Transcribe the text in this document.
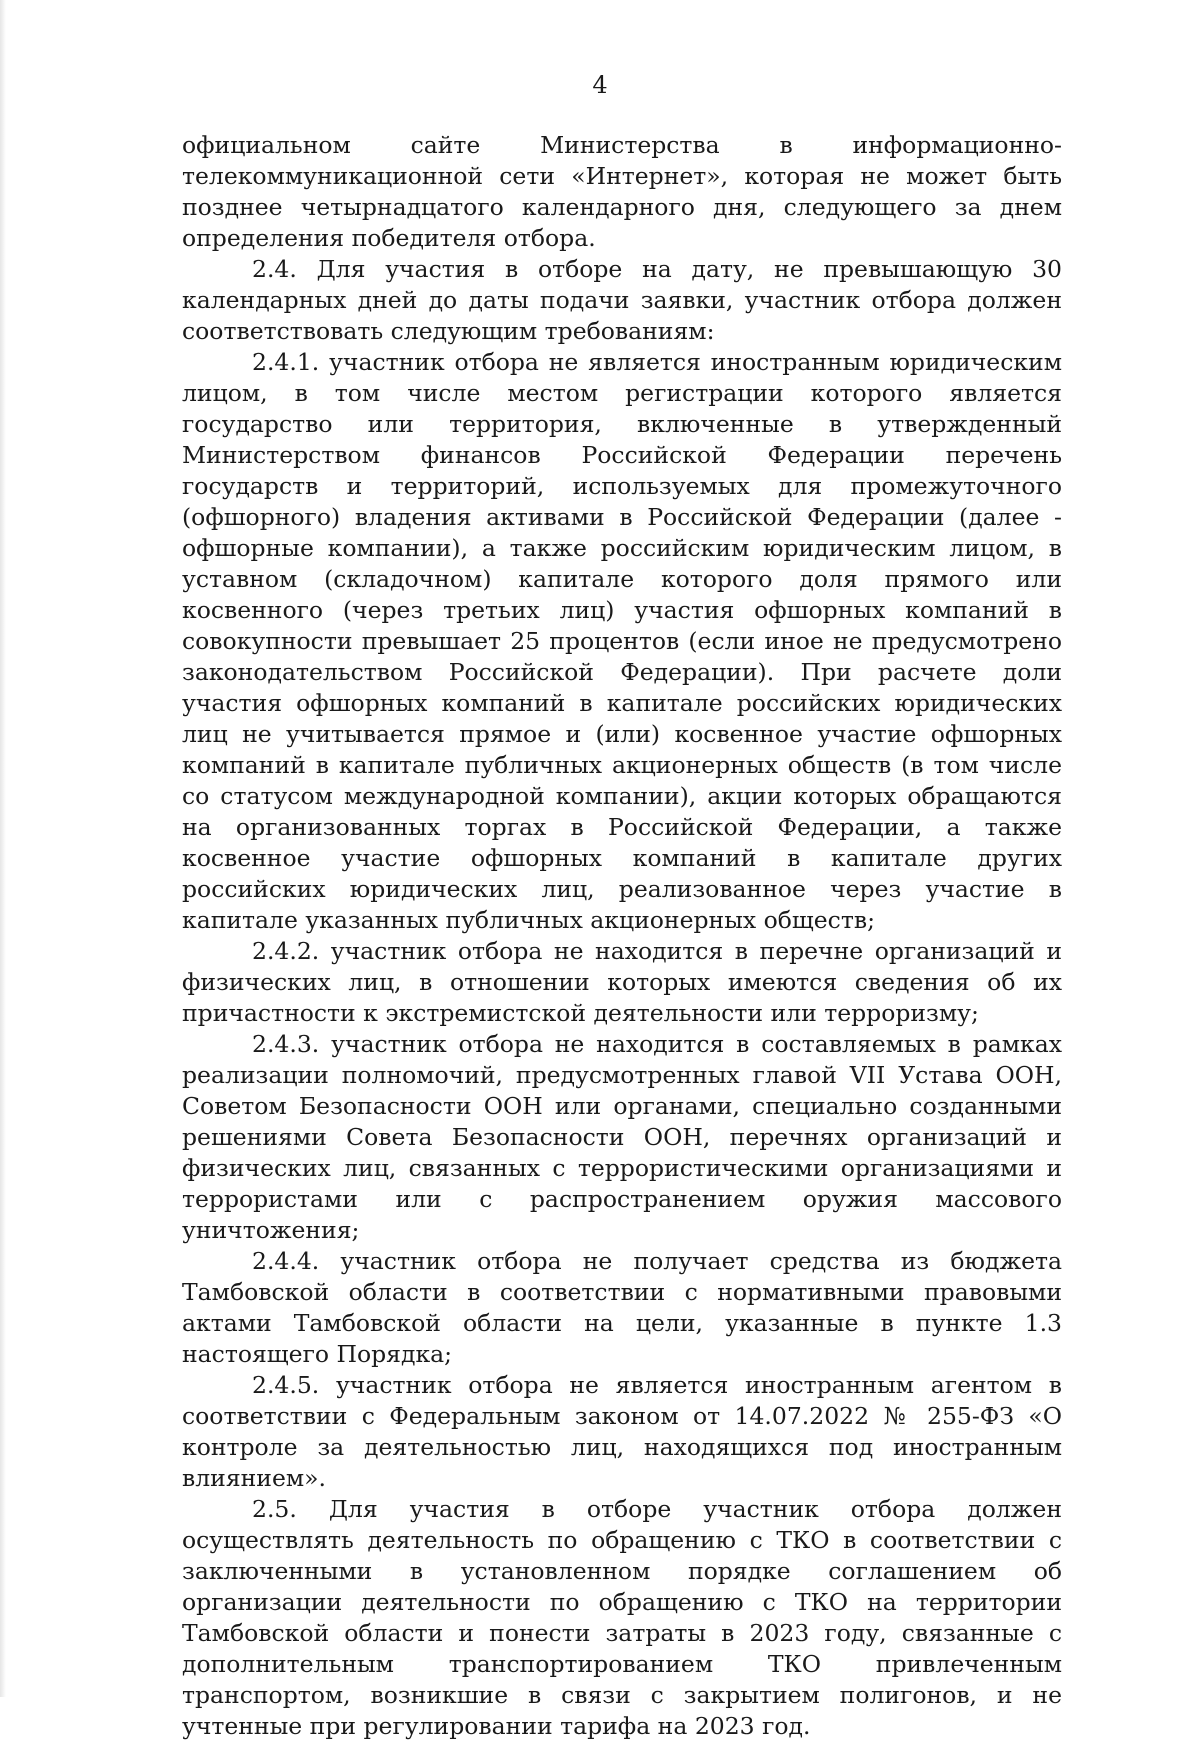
4

официальном сайте Министерства в информационно-телекоммуникационной сети «Интернет», которая не может быть позднее четырнадцатого календарного дня, следующего за днем определения победителя отбора.

2.4. Для участия в отборе на дату, не превышающую 30 календарных дней до даты подачи заявки, участник отбора должен соответствовать следующим требованиям:

2.4.1. участник отбора не является иностранным юридическим лицом, в том числе местом регистрации которого является государство или территория, включенные в утвержденный Министерством финансов Российской Федерации перечень государств и территорий, используемых для промежуточного (офшорного) владения активами в Российской Федерации (далее - офшорные компании), а также российским юридическим лицом, в уставном (складочном) капитале которого доля прямого или косвенного (через третьих лиц) участия офшорных компаний в совокупности превышает 25 процентов (если иное не предусмотрено законодательством Российской Федерации). При расчете доли участия офшорных компаний в капитале российских юридических лиц не учитывается прямое и (или) косвенное участие офшорных компаний в капитале публичных акционерных обществ (в том числе со статусом международной компании), акции которых обращаются на организованных торгах в Российской Федерации, а также косвенное участие офшорных компаний в капитале других российских юридических лиц, реализованное через участие в капитале указанных публичных акционерных обществ;

2.4.2. участник отбора не находится в перечне организаций и физических лиц, в отношении которых имеются сведения об их причастности к экстремистской деятельности или терроризму;

2.4.3. участник отбора не находится в составляемых в рамках реализации полномочий, предусмотренных главой VII Устава ООН, Советом Безопасности ООН или органами, специально созданными решениями Совета Безопасности ООН, перечнях организаций и физических лиц, связанных с террористическими организациями и террористами или с распространением оружия массового уничтожения;

2.4.4. участник отбора не получает средства из бюджета Тамбовской области в соответствии с нормативными правовыми актами Тамбовской области на цели, указанные в пункте 1.3 настоящего Порядка;

2.4.5. участник отбора не является иностранным агентом в соответствии с Федеральным законом от 14.07.2022 № 255-ФЗ «О контроле за деятельностью лиц, находящихся под иностранным влиянием».

2.5. Для участия в отборе участник отбора должен осуществлять деятельность по обращению с ТКО в соответствии с заключенными в установленном порядке соглашением об организации деятельности по обращению с ТКО на территории Тамбовской области и понести затраты в 2023 году, связанные с дополнительным транспортированием ТКО привлеченным транспортом, возникшие в связи с закрытием полигонов, и не учтенные при регулировании тарифа на 2023 год.
